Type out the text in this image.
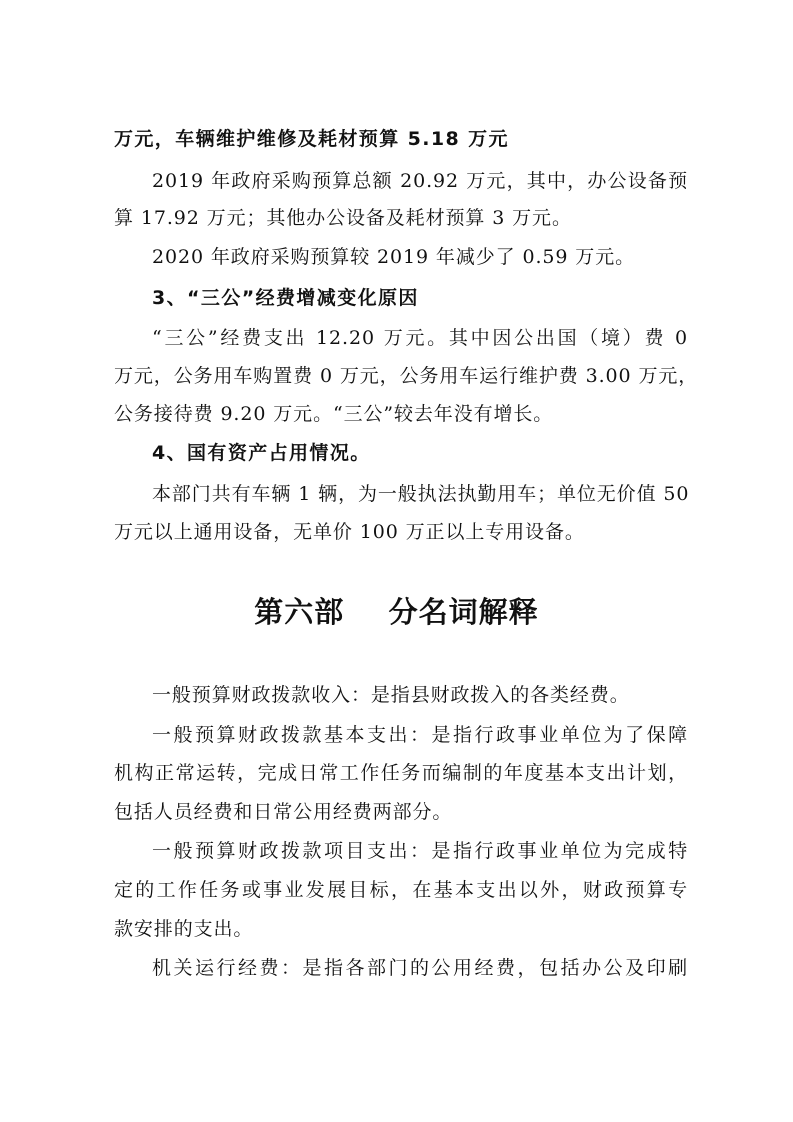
万元，车辆维护维修及耗材预算 5.18 万元
2019 年政府采购预算总额 20.92 万元，其中，办公设备预
算 17.92 万元；其他办公设备及耗材预算 3 万元。
2020 年政府采购预算较 2019 年减少了 0.59 万元。
3、“三公”经费增减变化原因
“三公”经费支出 12.20 万元。其中因公出国（境）费 0
万元，公务用车购置费 0 万元，公务用车运行维护费 3.00 万元，
公务接待费 9.20 万元。“三公”较去年没有增长。
4、国有资产占用情况。
本部门共有车辆 1 辆，为一般执法执勤用车；单位无价值 50
万元以上通用设备，无单价 100 万正以上专用设备。
第六部    分名词解释
一般预算财政拨款收入：是指县财政拨入的各类经费。
一般预算财政拨款基本支出：是指行政事业单位为了保障
机构正常运转，完成日常工作任务而编制的年度基本支出计划，
包括人员经费和日常公用经费两部分。
一般预算财政拨款项目支出：是指行政事业单位为完成特
定的工作任务或事业发展目标，在基本支出以外，财政预算专
款安排的支出。
机关运行经费：是指各部门的公用经费，包括办公及印刷
